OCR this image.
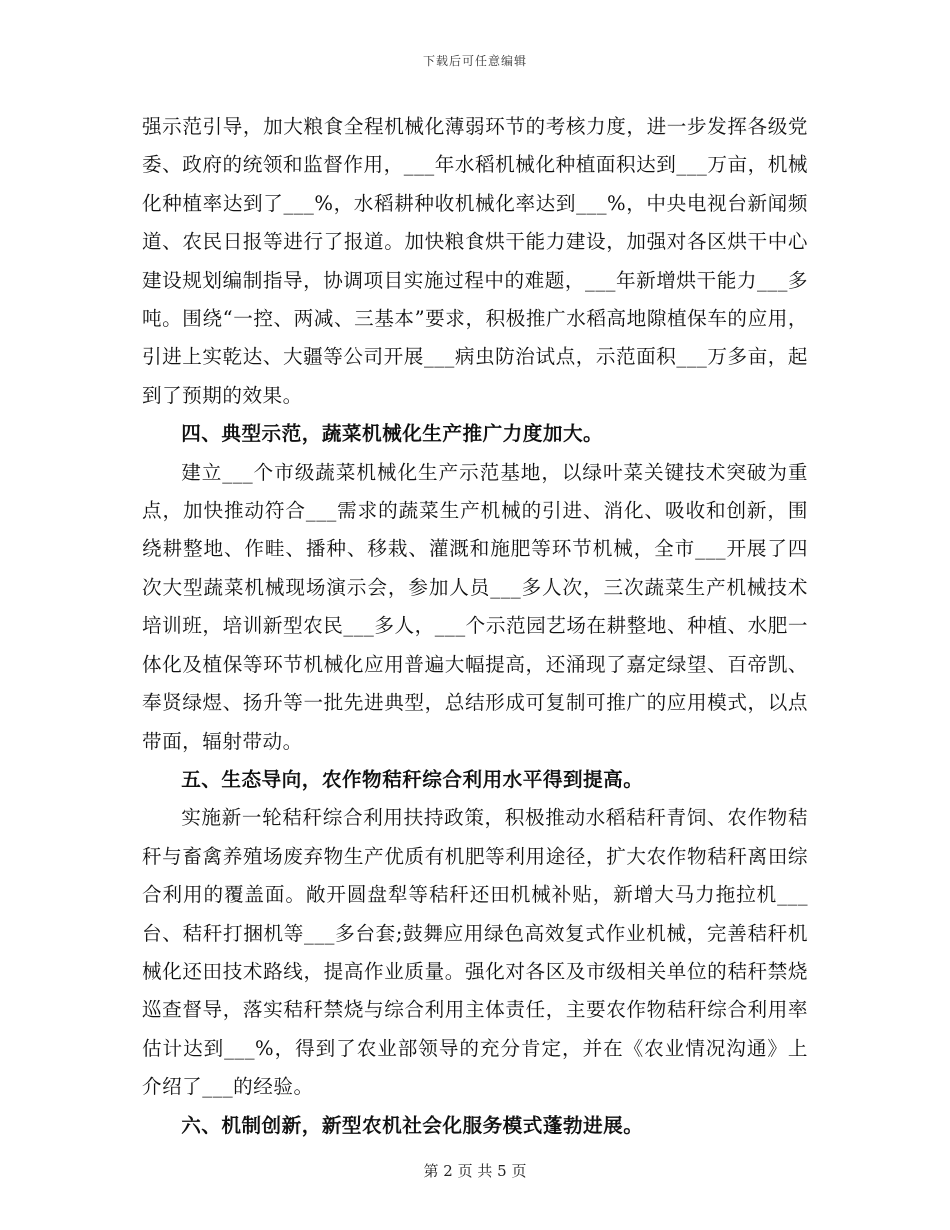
下载后可任意编辑

强示范引导，加大粮食全程机械化薄弱环节的考核力度，进一步发挥各级党委、政府的统领和监督作用，___年水稻机械化种植面积达到___万亩，机械化种植率达到了___%，水稻耕种收机械化率达到___%，中央电视台新闻频道、农民日报等进行了报道。加快粮食烘干能力建设，加强对各区烘干中心建设规划编制指导，协调项目实施过程中的难题，___年新增烘干能力___多吨。围绕“一控、两减、三基本”要求，积极推广水稻高地隙植保车的应用，引进上实乾达、大疆等公司开展___病虫防治试点，示范面积___万多亩，起到了预期的效果。

四、典型示范，蔬菜机械化生产推广力度加大。

建立___个市级蔬菜机械化生产示范基地，以绿叶菜关键技术突破为重点，加快推动符合___需求的蔬菜生产机械的引进、消化、吸收和创新，围绕耕整地、作畦、播种、移栽、灌溉和施肥等环节机械，全市___开展了四次大型蔬菜机械现场演示会，参加人员___多人次，三次蔬菜生产机械技术培训班，培训新型农民___多人，___个示范园艺场在耕整地、种植、水肥一体化及植保等环节机械化应用普遍大幅提高，还涌现了嘉定绿望、百帝凯、奉贤绿煜、扬升等一批先进典型，总结形成可复制可推广的应用模式，以点带面，辐射带动。

五、生态导向，农作物秸秆综合利用水平得到提高。

实施新一轮秸秆综合利用扶持政策，积极推动水稻秸秆青饲、农作物秸秆与畜禽养殖场废弃物生产优质有机肥等利用途径，扩大农作物秸秆离田综合利用的覆盖面。敞开圆盘犁等秸秆还田机械补贴，新增大马力拖拉机___台、秸秆打捆机等___多台套;鼓舞应用绿色高效复式作业机械，完善秸秆机械化还田技术路线，提高作业质量。强化对各区及市级相关单位的秸秆禁烧巡查督导，落实秸秆禁烧与综合利用主体责任，主要农作物秸秆综合利用率估计达到___%，得到了农业部领导的充分肯定，并在《农业情况沟通》上介绍了___的经验。

六、机制创新，新型农机社会化服务模式蓬勃进展。

第 2 页 共 5 页
